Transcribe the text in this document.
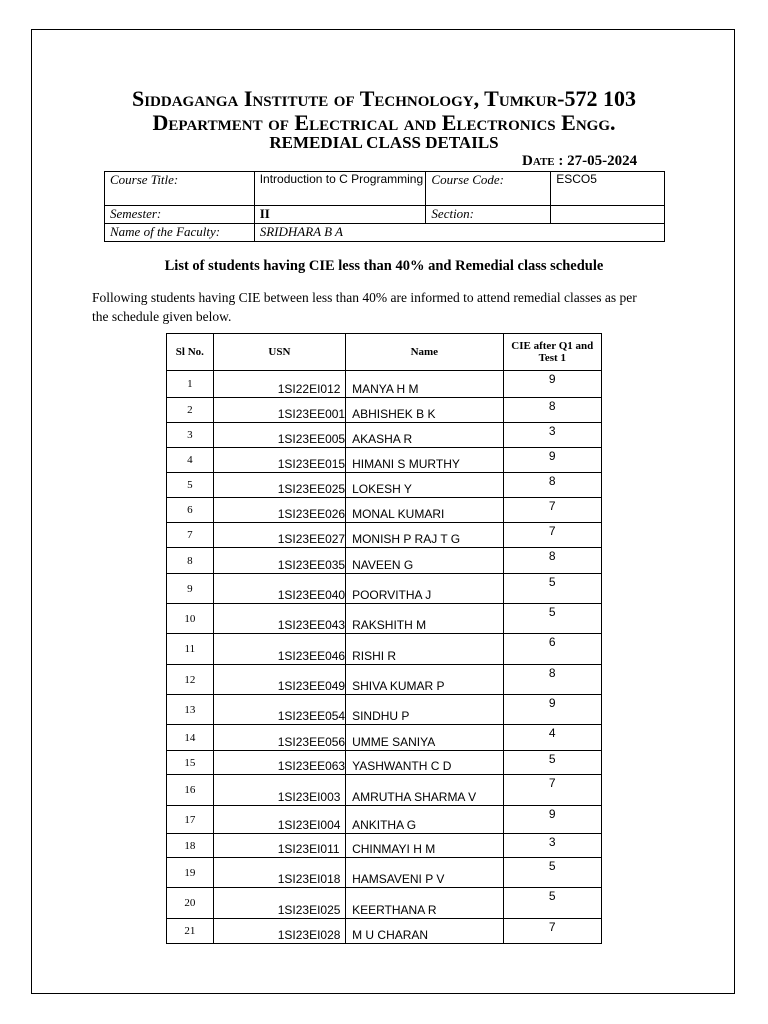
Siddaganga Institute of Technology, Tumkur-572 103
Department of Electrical and Electronics Engg.
REMEDIAL CLASS DETAILS
Date : 27-05-2024
Course Title:	Introduction to C Programming	Course Code:	ESCO5
Semester:	II	Section:	
Name of the Faculty:	SRIDHARA B A		
List of students having CIE less than 40% and Remedial class schedule
Following students having CIE between less than 40% are informed to attend remedial classes as per the schedule given below.
Sl No.	USN	Name	CIE after Q1 and Test 1
1	1SI22EI012	MANYA H M	9
2	1SI23EE001	ABHISHEK B K	8
3	1SI23EE005	AKASHA R	3
4	1SI23EE015	HIMANI S MURTHY	9
5	1SI23EE025	LOKESH Y	8
6	1SI23EE026	MONAL KUMARI	7
7	1SI23EE027	MONISH P RAJ T G	7
8	1SI23EE035	NAVEEN G	8
9	1SI23EE040	POORVITHA J	5
10	1SI23EE043	RAKSHITH M	5
11	1SI23EE046	RISHI R	6
12	1SI23EE049	SHIVA KUMAR P	8
13	1SI23EE054	SINDHU P	9
14	1SI23EE056	UMME SANIYA	4
15	1SI23EE063	YASHWANTH C D	5
16	1SI23EI003	AMRUTHA SHARMA V	7
17	1SI23EI004	ANKITHA G	9
18	1SI23EI011	CHINMAYI H M	3
19	1SI23EI018	HAMSAVENI P V	5
20	1SI23EI025	KEERTHANA R	5
21	1SI23EI028	M U CHARAN	7
